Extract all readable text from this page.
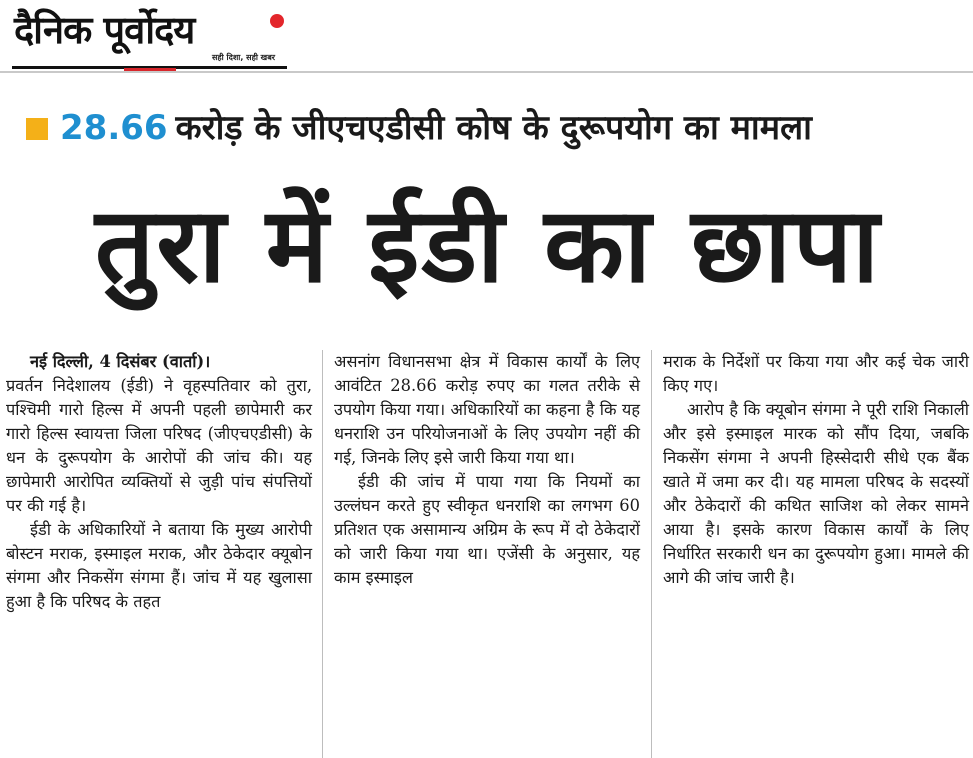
दैनिक पूर्वोदय
सही दिशा, सही खबर
28.66 करोड़ के जीएचएडीसी कोष के दुरूपयोग का मामला
तुरा में ईडी का छापा

नई दिल्ली, 4 दिसंबर (वार्ता)।

प्रवर्तन निदेशालय (ईडी) ने वृहस्पतिवार को तुरा, पश्चिमी गारो हिल्स में अपनी पहली छापेमारी कर गारो हिल्स स्वायत्ता जिला परिषद (जीएचएडीसी) के धन के दुरूपयोग के आरोपों की जांच की। यह छापेमारी आरोपित व्यक्तियों से जुड़ी पांच संपत्तियों पर की गई है।

ईडी के अधिकारियों ने बताया कि मुख्य आरोपी बोस्टन मराक, इस्माइल मराक, और ठेकेदार क्यूबोन संगमा और निकसेंग संगमा हैं। जांच में यह खुलासा हुआ है कि परिषद के तहत

असनांग विधानसभा क्षेत्र में विकास कार्यों के लिए आवंटित 28.66 करोड़ रुपए का गलत तरीके से उपयोग किया गया। अधिकारियों का कहना है कि यह धनराशि उन परियोजनाओं के लिए उपयोग नहीं की गई, जिनके लिए इसे जारी किया गया था।

ईडी की जांच में पाया गया कि नियमों का उल्लंघन करते हुए स्वीकृत धनराशि का लगभग 60 प्रतिशत एक असामान्य अग्रिम के रूप में दो ठेकेदारों को जारी किया गया था। एजेंसी के अनुसार, यह काम इस्माइल

मराक के निर्देशों पर किया गया और कई चेक जारी किए गए।

आरोप है कि क्यूबोन संगमा ने पूरी राशि निकाली और इसे इस्माइल मारक को सौंप दिया, जबकि निकसेंग संगमा ने अपनी हिस्सेदारी सीधे एक बैंक खाते में जमा कर दी। यह मामला परिषद के सदस्यों और ठेकेदारों की कथित साजिश को लेकर सामने आया है। इसके कारण विकास कार्यों के लिए निर्धारित सरकारी धन का दुरूपयोग हुआ। मामले की आगे की जांच जारी है।
